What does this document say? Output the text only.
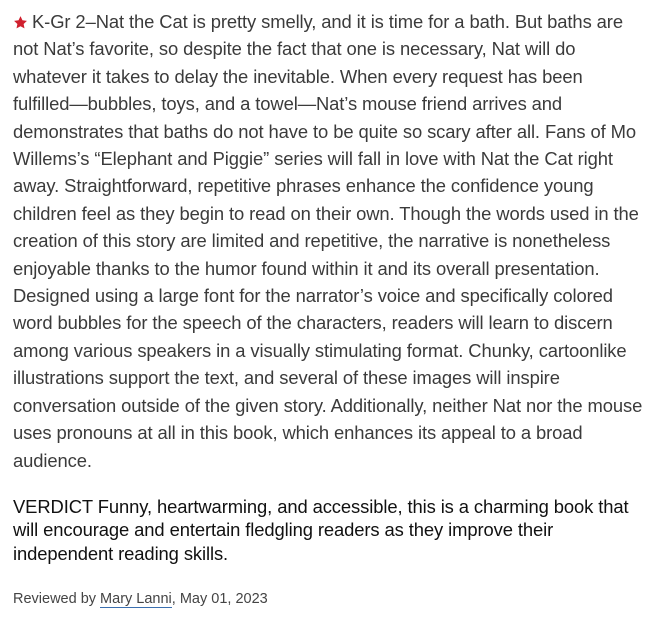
K-Gr 2–Nat the Cat is pretty smelly, and it is time for a bath. But baths are not Nat’s favorite, so despite the fact that one is necessary, Nat will do whatever it takes to delay the inevitable. When every request has been fulfilled—bubbles, toys, and a towel—Nat’s mouse friend arrives and demonstrates that baths do not have to be quite so scary after all. Fans of Mo Willems’s “Elephant and Piggie” series will fall in love with Nat the Cat right away. Straightforward, repetitive phrases enhance the confidence young children feel as they begin to read on their own. Though the words used in the creation of this story are limited and repetitive, the narrative is nonetheless enjoyable thanks to the humor found within it and its overall presentation. Designed using a large font for the narrator’s voice and specifically colored word bubbles for the speech of the characters, readers will learn to discern among various speakers in a visually stimulating format. Chunky, cartoonlike illustrations support the text, and several of these images will inspire conversation outside of the given story. Additionally, neither Nat nor the mouse uses pronouns at all in this book, which enhances its appeal to a broad audience.

VERDICT Funny, heartwarming, and accessible, this is a charming book that will encourage and entertain fledgling readers as they improve their independent reading skills.

Reviewed by Mary Lanni, May 01, 2023
